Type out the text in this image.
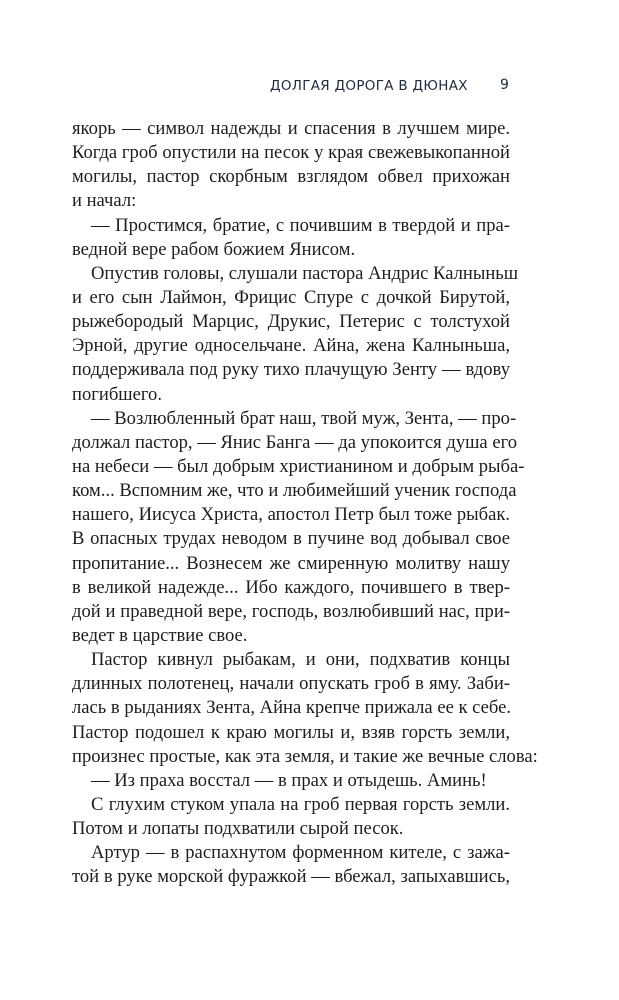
ДОЛГАЯ ДОРОГА В ДЮНАХ 9
якорь — символ надежды и спасения в лучшем мире.
Когда гроб опустили на песок у края свежевыкопанной
могилы, пастор скорбным взглядом обвел прихожан
и начал:
— Простимся, братие, с почившим в твердой и пра-
ведной вере рабом божием Янисом.
Опустив головы, слушали пастора Андрис Калныньш
и его сын Лаймон, Фрицис Спуре с дочкой Бирутой,
рыжебородый Марцис, Друкис, Петерис с толстухой
Эрной, другие односельчане. Айна, жена Калныньша,
поддерживала под руку тихо плачущую Зенту — вдову
погибшего.
— Возлюбленный брат наш, твой муж, Зента, — про-
должал пастор, — Янис Банга — да упокоится душа его
на небеси — был добрым христианином и добрым рыба-
ком... Вспомним же, что и любимейший ученик господа
нашего, Иисуса Христа, апостол Петр был тоже рыбак.
В опасных трудах неводом в пучине вод добывал свое
пропитание... Вознесем же смиренную молитву нашу
в великой надежде... Ибо каждого, почившего в твер-
дой и праведной вере, господь, возлюбивший нас, при-
ведет в царствие свое.
Пастор кивнул рыбакам, и они, подхватив концы
длинных полотенец, начали опускать гроб в яму. Заби-
лась в рыданиях Зента, Айна крепче прижала ее к себе.
Пастор подошел к краю могилы и, взяв горсть земли,
произнес простые, как эта земля, и такие же вечные слова:
— Из праха восстал — в прах и отыдешь. Аминь!
С глухим стуком упала на гроб первая горсть земли.
Потом и лопаты подхватили сырой песок.
Артур — в распахнутом форменном кителе, с зажа-
той в руке морской фуражкой — вбежал, запыхавшись,
